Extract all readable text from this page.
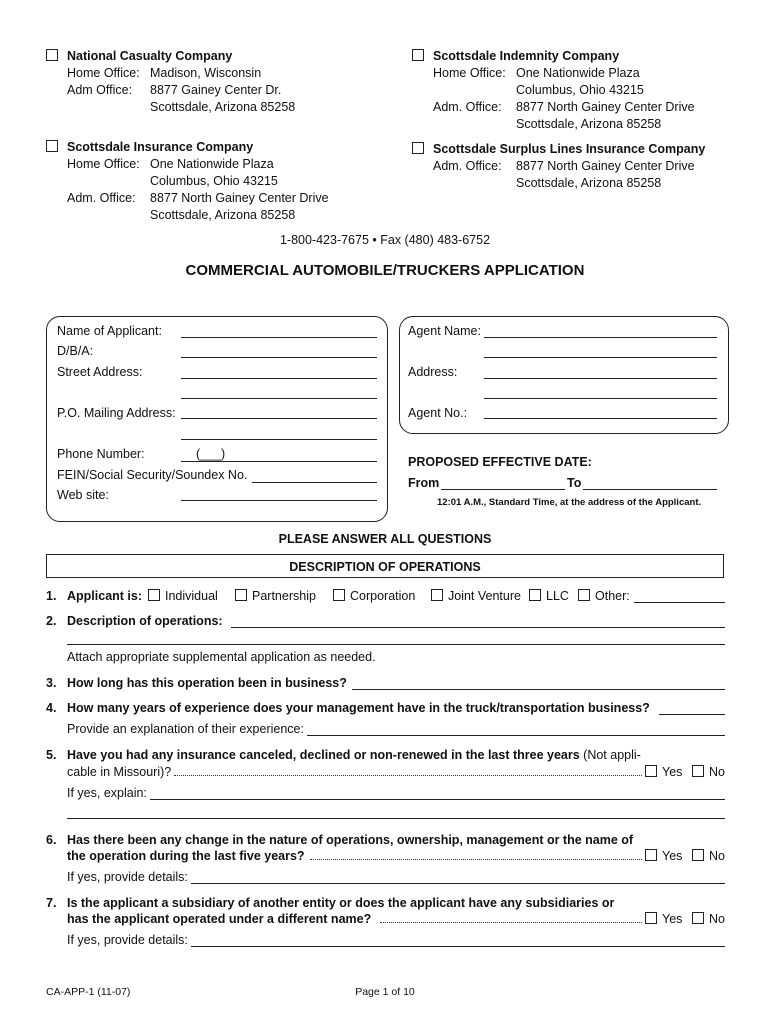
National Casualty Company
Home Office: Madison, Wisconsin
Adm Office:	8877 Gainey Center Dr.
Scottsdale, Arizona 85258
Scottsdale Indemnity Company
Home Office: One Nationwide Plaza
Columbus, Ohio 43215
Adm. Office:	8877 North Gainey Center Drive
Scottsdale, Arizona 85258
Scottsdale Insurance Company
Home Office: One Nationwide Plaza
Columbus, Ohio 43215
Adm. Office:	8877 North Gainey Center Drive
Scottsdale, Arizona 85258
Scottsdale Surplus Lines Insurance Company
Adm. Office:	8877 North Gainey Center Drive
Scottsdale, Arizona 85258
1-800-423-7675 • Fax (480) 483-6752
COMMERCIAL AUTOMOBILE/TRUCKERS APPLICATION
Name of Applicant:
D/B/A:
Street Address:
P.O. Mailing Address:
Phone Number:	(___)
FEIN/Social Security/Soundex No.
Web site:
Agent Name:
Address:
Agent No.:
PROPOSED EFFECTIVE DATE:
From	To
12:01 A.M., Standard Time, at the address of the Applicant.
PLEASE ANSWER ALL QUESTIONS
DESCRIPTION OF OPERATIONS
1. Applicant is: Individual	Partnership	Corporation	Joint Venture LLC Other:
2. Description of operations:
Attach appropriate supplemental application as needed.
3. How long has this operation been in business?
4. How many years of experience does your management have in the truck/transportation business?
Provide an explanation of their experience:
5. Have you had any insurance canceled, declined or non-renewed in the last three years (Not appli-
cable in Missouri)?	Yes No
If yes, explain:
6. Has there been any change in the nature of operations, ownership, management or the name of
the operation during the last five years?	Yes No
If yes, provide details:
7. Is the applicant a subsidiary of another entity or does the applicant have any subsidiaries or
has the applicant operated under a different name?	Yes No
If yes, provide details:
CA-APP-1 (11-07)	Page 1 of 10
